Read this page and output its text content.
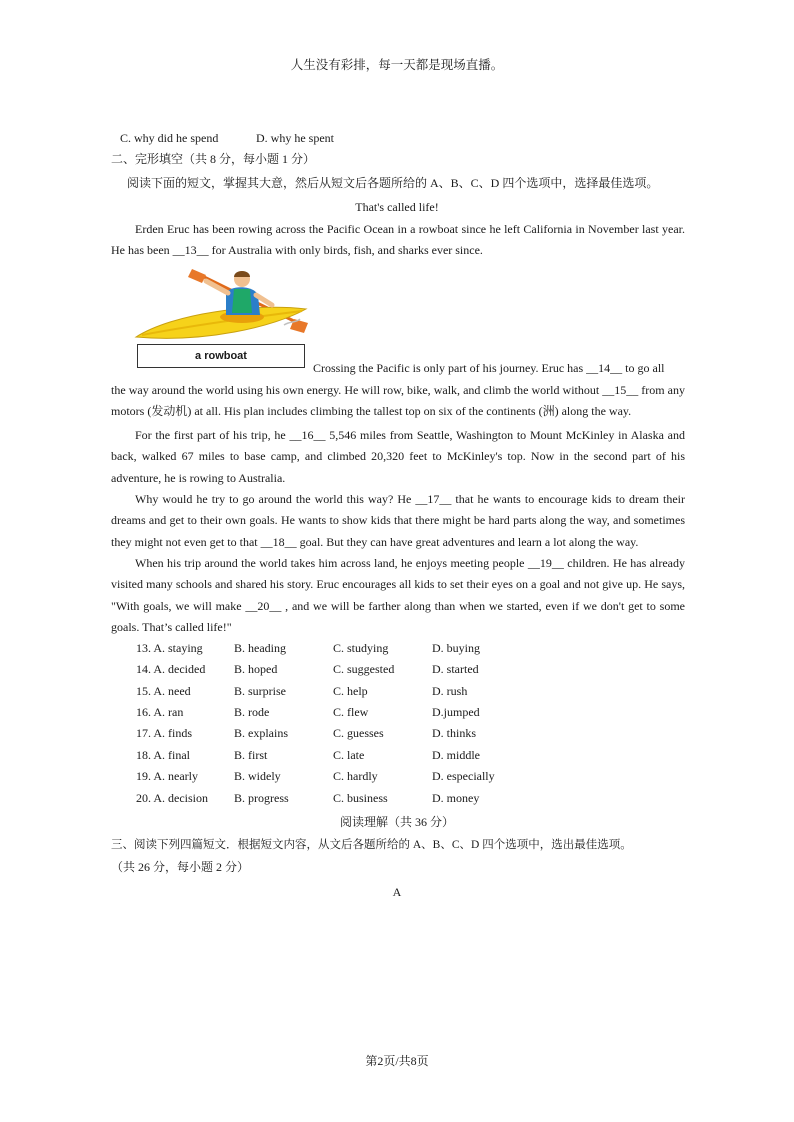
人生没有彩排，每一天都是现场直播。
C. why did he spend	D. why he spent
二、完形填空（共 8 分，每小题 1 分）
阅读下面的短文，掌握其大意，然后从短文后各题所给的 A、B、C、D 四个选项中，选择最佳选项。
That's called life!
Erden Eruc has been rowing across the Pacific Ocean in a rowboat since he left California in November last year. He has been __13__ for Australia with only birds, fish, and sharks ever since.
a rowboat
Crossing the Pacific is only part of his journey. Eruc has __14__ to go all
the way around the world using his own energy. He will row, bike, walk, and climb the world without __15__ from any motors (发动机) at all. His plan includes climbing the tallest top on six of the continents (洲) along the way.
For the first part of his trip, he __16__ 5,546 miles from Seattle, Washington to Mount McKinley in Alaska and back, walked 67 miles to base camp, and climbed 20,320 feet to McKinley's top. Now in the second part of his adventure, he is rowing to Australia.
Why would he try to go around the world this way? He __17__ that he wants to encourage kids to dream their dreams and get to their own goals. He wants to show kids that there might be hard parts along the way, and sometimes they might not even get to that __18__ goal. But they can have great adventures and learn a lot along the way.
When his trip around the world takes him across land, he enjoys meeting people __19__ children. He has already visited many schools and shared his story. Eruc encourages all kids to set their eyes on a goal and not give up. He says, "With goals, we will make __20__ , and we will be farther along than when we started, even if we don't get to some goals. That’s called life!"
13. A. staying	B. heading	C. studying	D. buying
14. A. decided B. hoped	C. suggested	D. started
15. A. need	B. surprise	C. help	D. rush
16. A. ran	B. rode	C. flew	D.jumped
17. A. finds	B. explains	C. guesses	D. thinks
18. A. final	B. first	C. late	D. middle
19. A. nearly	B. widely	C. hardly	D. especially
20. A. decision B. progress	C. business	D. money
阅读理解（共 36 分）
三、阅读下列四篇短文．根据短文内容，从文后各题所给的 A、B、C、D 四个选项中，选出最佳选项。
（共 26 分，每小题 2 分）
A
第2页/共8页
